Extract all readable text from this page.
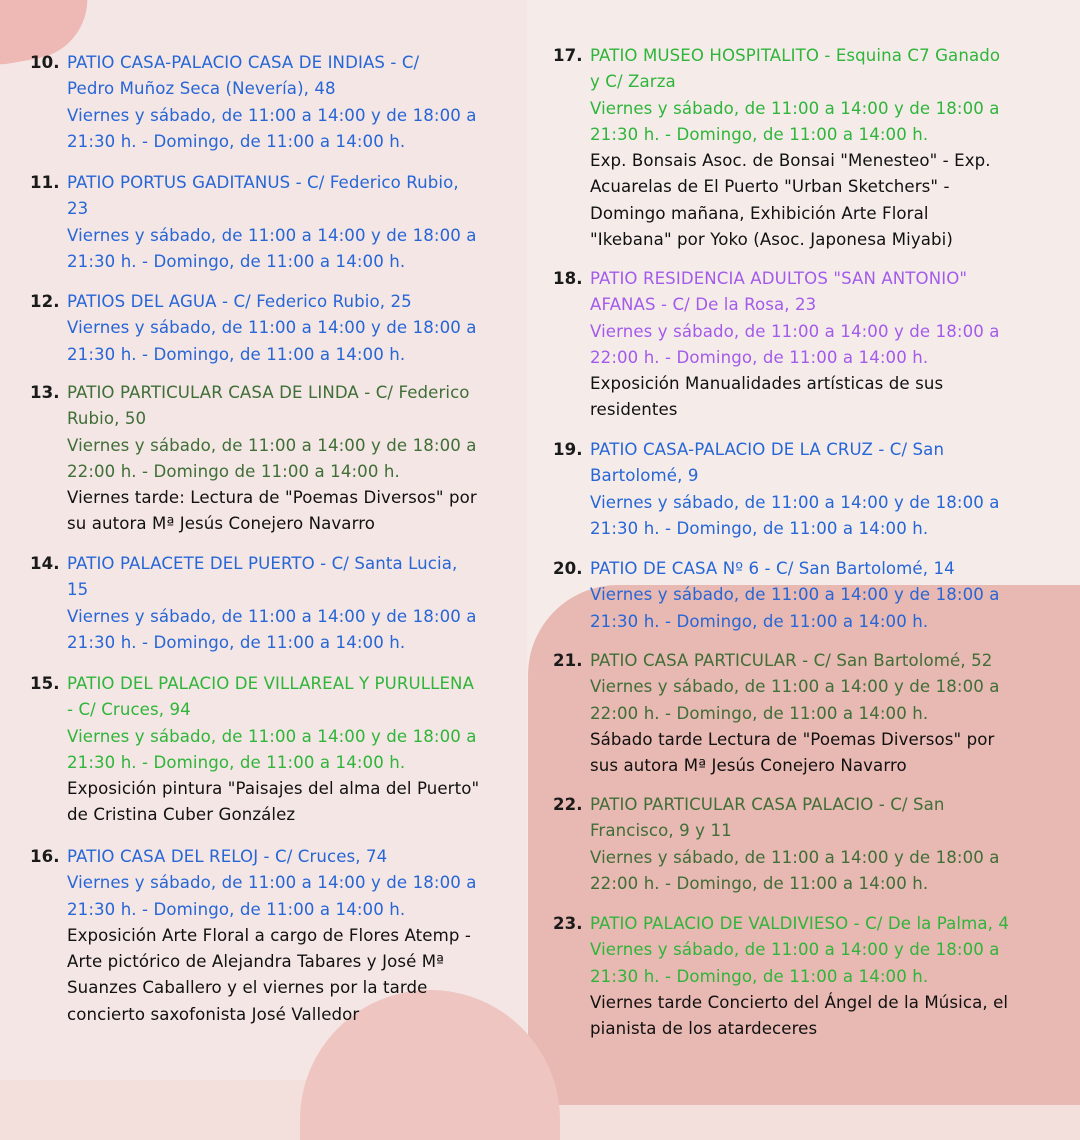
10. PATIO CASA-PALACIO CASA DE INDIAS - C/
Pedro Muñoz Seca (Nevería), 48
Viernes y sábado, de 11:00 a 14:00 y de 18:00 a
21:30 h. - Domingo, de 11:00 a 14:00 h.
11. PATIO PORTUS GADITANUS - C/ Federico Rubio,
23
Viernes y sábado, de 11:00 a 14:00 y de 18:00 a
21:30 h. - Domingo, de 11:00 a 14:00 h.
12. PATIOS DEL AGUA - C/ Federico Rubio, 25
Viernes y sábado, de 11:00 a 14:00 y de 18:00 a
21:30 h. - Domingo, de 11:00 a 14:00 h.
13. PATIO PARTICULAR CASA DE LINDA - C/ Federico
Rubio, 50
Viernes y sábado, de 11:00 a 14:00 y de 18:00 a
22:00 h. - Domingo de 11:00 a 14:00 h.
Viernes tarde: Lectura de "Poemas Diversos" por
su autora Mª Jesús Conejero Navarro
14. PATIO PALACETE DEL PUERTO - C/ Santa Lucia,
15
Viernes y sábado, de 11:00 a 14:00 y de 18:00 a
21:30 h. - Domingo, de 11:00 a 14:00 h.
15. PATIO DEL PALACIO DE VILLAREAL Y PURULLENA
- C/ Cruces, 94
Viernes y sábado, de 11:00 a 14:00 y de 18:00 a
21:30 h. - Domingo, de 11:00 a 14:00 h.
Exposición pintura "Paisajes del alma del Puerto"
de Cristina Cuber González
16. PATIO CASA DEL RELOJ - C/ Cruces, 74
Viernes y sábado, de 11:00 a 14:00 y de 18:00 a
21:30 h. - Domingo, de 11:00 a 14:00 h.
Exposición Arte Floral a cargo de Flores Atemp -
Arte pictórico de Alejandra Tabares y José Mª
Suanzes Caballero y el viernes por la tarde
concierto saxofonista José Valledor
17. PATIO MUSEO HOSPITALITO - Esquina C7 Ganado
y C/ Zarza
Viernes y sábado, de 11:00 a 14:00 y de 18:00 a
21:30 h. - Domingo, de 11:00 a 14:00 h.
Exp. Bonsais Asoc. de Bonsai "Menesteo" - Exp.
Acuarelas de El Puerto "Urban Sketchers" -
Domingo mañana, Exhibición Arte Floral
"Ikebana" por Yoko (Asoc. Japonesa Miyabi)
18. PATIO RESIDENCIA ADULTOS "SAN ANTONIO"
AFANAS - C/ De la Rosa, 23
Viernes y sábado, de 11:00 a 14:00 y de 18:00 a
22:00 h. - Domingo, de 11:00 a 14:00 h.
Exposición Manualidades artísticas de sus
residentes
19. PATIO CASA-PALACIO DE LA CRUZ - C/ San
Bartolomé, 9
Viernes y sábado, de 11:00 a 14:00 y de 18:00 a
21:30 h. - Domingo, de 11:00 a 14:00 h.
20. PATIO DE CASA Nº 6 - C/ San Bartolomé, 14
Viernes y sábado, de 11:00 a 14:00 y de 18:00 a
21:30 h. - Domingo, de 11:00 a 14:00 h.
21. PATIO CASA PARTICULAR - C/ San Bartolomé, 52
Viernes y sábado, de 11:00 a 14:00 y de 18:00 a
22:00 h. - Domingo, de 11:00 a 14:00 h.
Sábado tarde Lectura de "Poemas Diversos" por
sus autora Mª Jesús Conejero Navarro
22. PATIO PARTICULAR CASA PALACIO - C/ San
Francisco, 9 y 11
Viernes y sábado, de 11:00 a 14:00 y de 18:00 a
22:00 h. - Domingo, de 11:00 a 14:00 h.
23. PATIO PALACIO DE VALDIVIESO - C/ De la Palma, 4
Viernes y sábado, de 11:00 a 14:00 y de 18:00 a
21:30 h. - Domingo, de 11:00 a 14:00 h.
Viernes tarde Concierto del Ángel de la Música, el
pianista de los atardeceres
